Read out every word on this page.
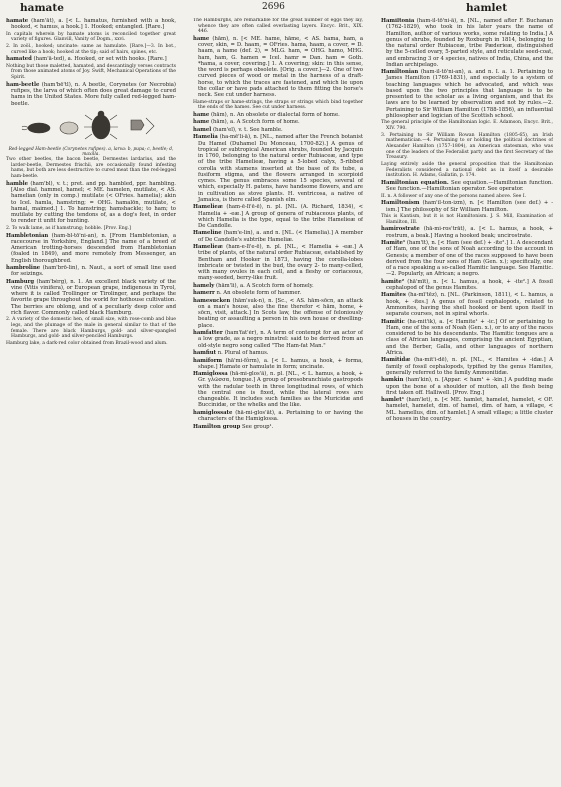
hamate	2696	hamlet
hamate (ham'āt), a. [< L. hamatus, furnished with a hook, hooked, < hamus, a hook.] 1. Hooked; entangled. [Rare.]
In capitals wherein by hamate atoms is reconciled together great variety of figures. Glanvill, Vanity of Dogm., xxvi.
2. In zoöl., hooked; uncinate: same as hamulate. [Rare.]—3. In bot., curved like a hook; hooked at the tip; said of hairs, spines, etc.
hamated (ham'ā-ted), a. Hooked, or set with hooks. [Rare.]
Nothing but those maletted, hamated, and descantingly verses contracts from those animated atoms of Joy. Swift, Mechanical Operations of the Spirit.
ham-beetle (ham'bē'tl), n. A beetle, Corynetes (or Necrobia) rufipes, the larva of which often does great damage to cured hams in the United States. More fully called red-legged ham-beetle.
Red-legged Ham-beetle (Corynetes rufipes). a, larva: b, pupa; c, beetle; d, maxilla.
Two other beetles, the bacon beetle, Dermestes lardarius, and the larder-beetle, Dermestes frischii, are occasionally found infesting hams, but both are less destructive to cured meat than the red-legged ham-beetle.
hamble (ham'bl), v. t.; pret. and pp. hambled, ppr. hambling. [Also dial. hammel, hamel; < ME. hamelen, mutilate, < AS. hamelian (only in comp.) mutilate (< OFries. hamelia); akin to Icel. hamla, hamstring; = OHG. hamalōn, mutilate, < hamal, maimed.] 1. To hamstring; hamshackle; to ham; to mutilate by cutting the tendons of, as a dog's feet, in order to render it unfit for hunting.
2. To walk lame, as if hamstrung; hobble. [Prov. Eng.]
Hambletonian (ham-bl-tō'ni-an), n. [From Hambletonian, a racecourse in Yorkshire, England.] The name of a breed of American trotting-horses descended from Hambletonian (foaled in 1849), and more remotely from Messenger, an English thoroughbred.
hambroline (ham'brō-lin), n. Naut., a sort of small line used for seizings.
Hamburg (ham'bėrg), n. 1. An excellent black variety of the vine (Vitis vinifera), or European grape, indigenous in Tyrol, where it is called Trollinger or Tirolinger, and perhaps the favorite grape throughout the world for hothouse cultivation. The berries are oblong, and of a peculiarly deep color and rich flavor. Commonly called black Hamburg.
2. A variety of the domestic hen, of small size, with rose-comb and blue legs, and the plumage of the male in general similar to that of the female. There are black Hamburgs, gold- and silver-spangled Hamburgs, and gold- and silver-penciled Hamburgs.
Hamburg lake, a dark-red color obtained from Brazil-wood and alum.
The Hamburghs, are remarkable for the great number of eggs they lay, whence they are often called everlasting layers. Encyc. Brit., XIX. 446.
hame (hām), n. [< ME. hame, hāme, < AS. hama, ham, a cover, skin, = D. haam, = OFries. hama, haam, a cover, = D. haam, a hame (def. 2), = MLG. ham, = OHG. hamo, MHG. ham, ham, G. hamen = Icel. hamr = Dan. ham = Goth. *hama, a cover, covering.] 1. A covering; skin: in this sense, the word is perhaps obsolete. [Orig. a cover.]—2. One of two curved pieces of wood or metal in the harness of a draft-horse, to which the traces are fastened, and which lie upon the collar or have pads attached to them fitting the horse's neck. See cut under harness.
Hame-straps or hame-strings, the straps or strings which bind together the ends of the hames. See cut under harness.
hame (hām), n. An obsolete or dialectal form of home.
hame (hām), a. A Scotch form of home.
hamel (ham'el), v. t. See hamble.
Hamelia (ha-mē'li-ä), n. [NL., named after the French botanist Du Hamel (Duhamel Du Monceau, 1700-82).] A genus of tropical or subtropical American shrubs, founded by Jacquin in 1760, belonging to the natural order Rubiaceæ, and type of the tribe Hamelieæ, having a 5-lobed calyx, 5-ribbed corolla with stamens inserted at the base of its tube, a fusiform stigma, and the flowers arranged in scorpioid cymes. The genus embraces some 15 species, several of which, especially H. patens, have handsome flowers, and are in cultivation as stove plants. H. ventricosa, a native of Jamaica, is there called Spanish elm.
Hamelieæ (ham-ē-lī'ē-ē), n. pl. [NL. (A. Richard, 1834), < Hamelia + -eæ.] A group of genera of rubiaceous plants, of which Hamelia is the type, equal to the tribe Hamelieæ of De Candolle.
Hameline (ham'e-lin), a. and n. [NL. (< Hamelia).] A member of De Candolle's subtribe Hameliæ.
Hamelieæ (ham-e-lī'e-ē), n. pl. [NL., < Hamelia + -eæ.] A tribe of plants, of the natural order Rubiaceæ, established by Bentham and Hooker in 1873, having the corolla-lobes imbricate or twisted in the bud, the ovary 2- to many-celled, with many ovules in each cell, and a fleshy or coriaceous, many-seeded, berry-like fruit.
hamely (hām'li), a. A Scotch form of homely.
hamerr n. An obsolete form of hammer.
hamesucken (hām'suk-n), n. [Sc., < AS. hām-sōcn, an attack on a man's house, also the fine therefor < hām, home, + sōcn, visit, attack.] In Scots law, the offense of feloniously beating or assaulting a person in his own house or dwelling-place.
hamfatter (ham'fat'ėr), n. A term of contempt for an actor of a low grade, as a negro minstrel: said to be derived from an old-style negro song called "The Ham-fat Man."
hamfiut n. Plural of hamus.
hamiform (hā'mi-fôrm), a. [< L. hamus, a hook, + forma, shape.] Hamate or hamulate in form; uncinate.
Hamiglossa (hā-mi-glos'ä), n. pl. [NL., < L. hamus, a hook, + Gr. γλῶσσα, tongue.] A group of prosobranchiate gastropods with the radular teeth in three longitudinal rows, of which the central one is fixed, while the lateral rows are changeable. It includes such families as the Muricidæ and Buccinidæ, or the whelks and the like.
hamiglossate (hā-mi-glos'āt), a. Pertaining to or having the characters of the Hamiglossa.
Hamilton group See group¹.
Hamiltonia (ham-il-tō'ni-ä), n. [NL., named after F. Buchanan (1762-1829), who took in his later years the name of Hamilton, author of various works, some relating to India.] A genus of shrubs, founded by Roxburgh in 1814, belonging to the natural order Rubiaceæ, tribe Pæderieæ, distinguished by the 5-celled ovary, 5-parted style, and reticulate seed-coat, and embracing 3 or 4 species, natives of India, China, and the Indian archipelago.
Hamiltonian (ham-il-tō'ni-an), a. and n. I. a. 1. Pertaining to James Hamilton (1769-1831), and especially to a system of teaching languages which he advocated, and which was based upon the two principles that language is to be presented to the scholar as a living organism, and that its laws are to be learned by observation and not by rules.—2. Pertaining to Sir William Hamilton (1788-1856), an influential philosopher and logician of the Scottish school.
The general principle of the Hamiltonian logic. E. Adamson, Encyc. Brit., XIV. 790.
3. Pertaining to Sir William Rowan Hamilton (1805-65), an Irish mathematician.—4. Pertaining to or holding the political doctrines of Alexander Hamilton (1757-1804), an American statesman, who was one of the leaders of the Federalist party and the first Secretary of the Treasury.
Laying entirely aside the general proposition that the Hamiltonian Federalists considered a national debt as in itself a desirable institution. H. Adams, Gallatin, p. 174.
Hamiltonian equation. See equation.—Hamiltonian function. See function.—Hamiltonian operator. See operator.
II. n. A follower of any one of the persons named above. See I.
Hamiltonism (ham'il-ton-izm), n. [< Hamilton (see def.) + -ism.] The philosophy of Sir William Hamilton.
This is Kantism, but it is not Hamiltonism. J. S. Mill, Examination of Hamilton, III.
hamirostrate (hā-mi-ros'trāt), a. [< L. hamus, a hook, + rostrum, a beak.] Having a hooked beak; uncirostrate.
Hamite¹ (ham'īt), n. [< Ham (see def.) + -ite².] 1. A descendant of Ham, one of the sons of Noah according to the account in Genesis; a member of one of the races supposed to have been derived from the four sons of Ham (Gen. x.); specifically, one of a race speaking a so-called Hamitic language. See Hamitic.—2. Popularly, an African; a negro.
hamite² (hā'mīt), n. [< L. hamus, a hook, + -ite².] A fossil cephalopod of the genus Hamites.
Hamites (ha-mī'tēz), n. [NL. (Parkinson, 1811), < L. hamus, a hook, + -ites.] A genus of fossil cephalopods, related to Ammonites, having the shell hooked or bent upon itself in separate courses, not in spiral whorls.
Hamitic (ha-mit'ik), a. [< Hamite¹ + -ic.] Of or pertaining to Ham, one of the sons of Noah (Gen. x.), or to any of the races considered to be his descendants. The Hamitic tongues are a class of African languages, comprising the ancient Egyptian, and the Berber, Galla, and other languages of northern Africa.
Hamitidæ (ha-mit'i-dē), n. pl. [NL., < Hamites + -idæ.] A family of fossil cephalopods, typified by the genus Hamites, generally referred to the family Ammonitidæ.
hamkin (ham'kin), n. [Appar. < ham¹ + -kin.] A pudding made upon the bone of a shoulder of mutton, all the flesh being first taken off. Halliwell. [Prov. Eng.]
hamlet¹ (ham'let), n. [< ME. hamlet, hamelet, hamelet, < OF. hamelet, hamelet, dim. of hamel, dim. of ham, a village, < ML. hamellus, dim. of hamlet.] A small village; a little cluster of houses in the country.
